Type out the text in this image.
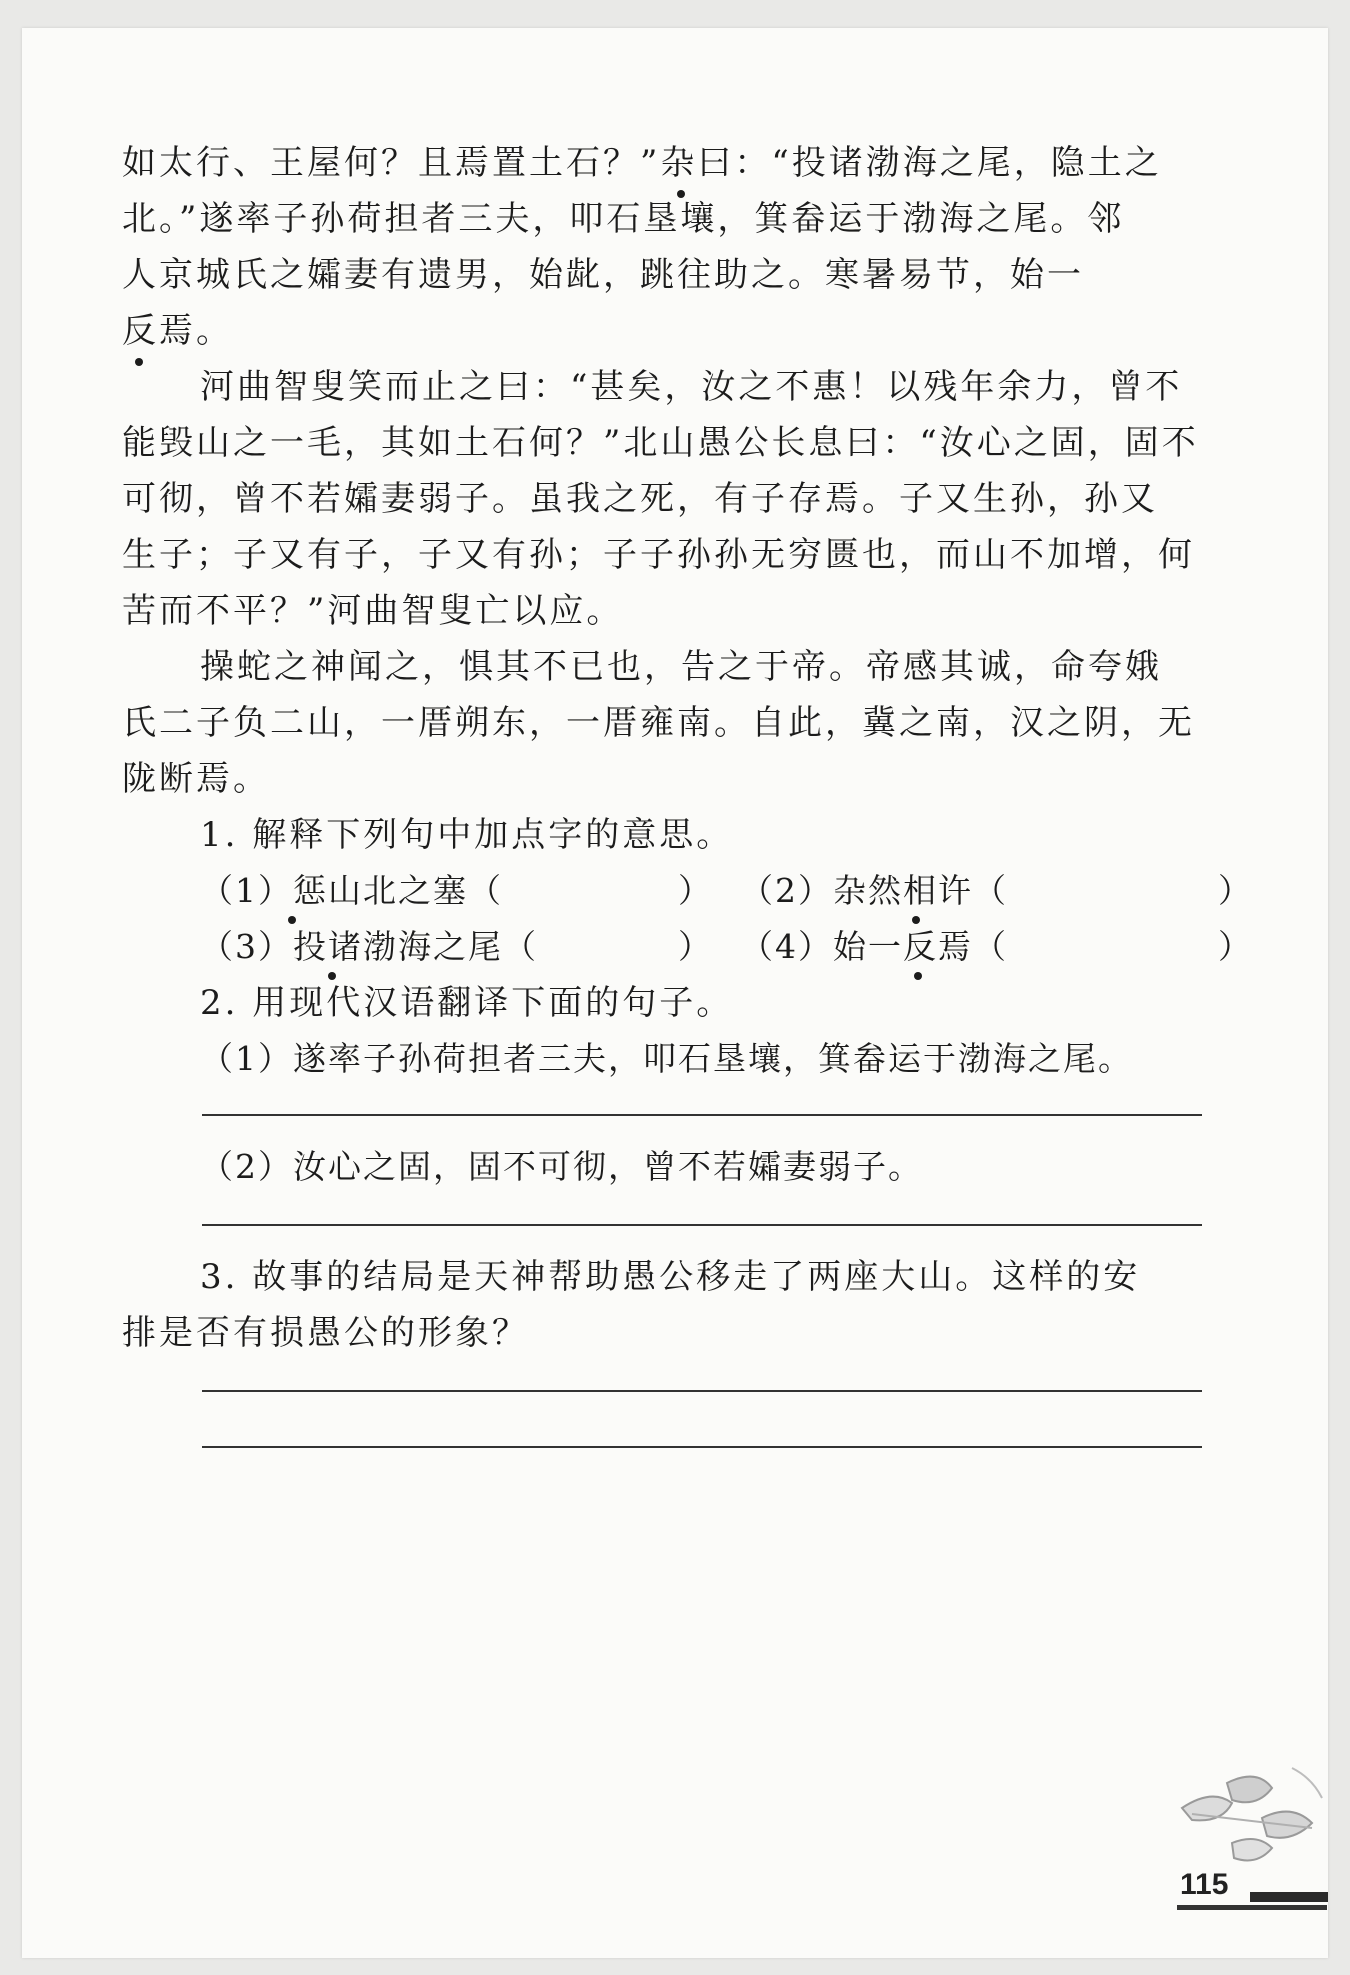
如太行、王屋何？且焉置土石？”杂曰：“投诸渤海之尾，隐土之
北。”遂率子孙荷担者三夫，叩石垦壤，箕畚运于渤海之尾。邻
人京城氏之孀妻有遗男，始龀，跳往助之。寒暑易节，始一
反焉。
河曲智叟笑而止之曰：“甚矣，汝之不惠！以残年余力，曾不
能毁山之一毛，其如土石何？”北山愚公长息曰：“汝心之固，固不
可彻，曾不若孀妻弱子。虽我之死，有子存焉。子又生孙，孙又
生子；子又有子，子又有孙；子子孙孙无穷匮也，而山不加增，何
苦而不平？”河曲智叟亡以应。
操蛇之神闻之，惧其不已也，告之于帝。帝感其诚，命夸娥
氏二子负二山，一厝朔东，一厝雍南。自此，冀之南，汉之阴，无
陇断焉。
1. 解释下列句中加点字的意思。
（1）惩山北之塞（　　　　　） （2）杂然相许（　　　　　　）
（3）投诸渤海之尾（　　　　） （4）始一反焉（　　　　　　）
2. 用现代汉语翻译下面的句子。
（1）遂率子孙荷担者三夫，叩石垦壤，箕畚运于渤海之尾。
（2）汝心之固，固不可彻，曾不若孀妻弱子。
3. 故事的结局是天神帮助愚公移走了两座大山。这样的安
排是否有损愚公的形象？
115
